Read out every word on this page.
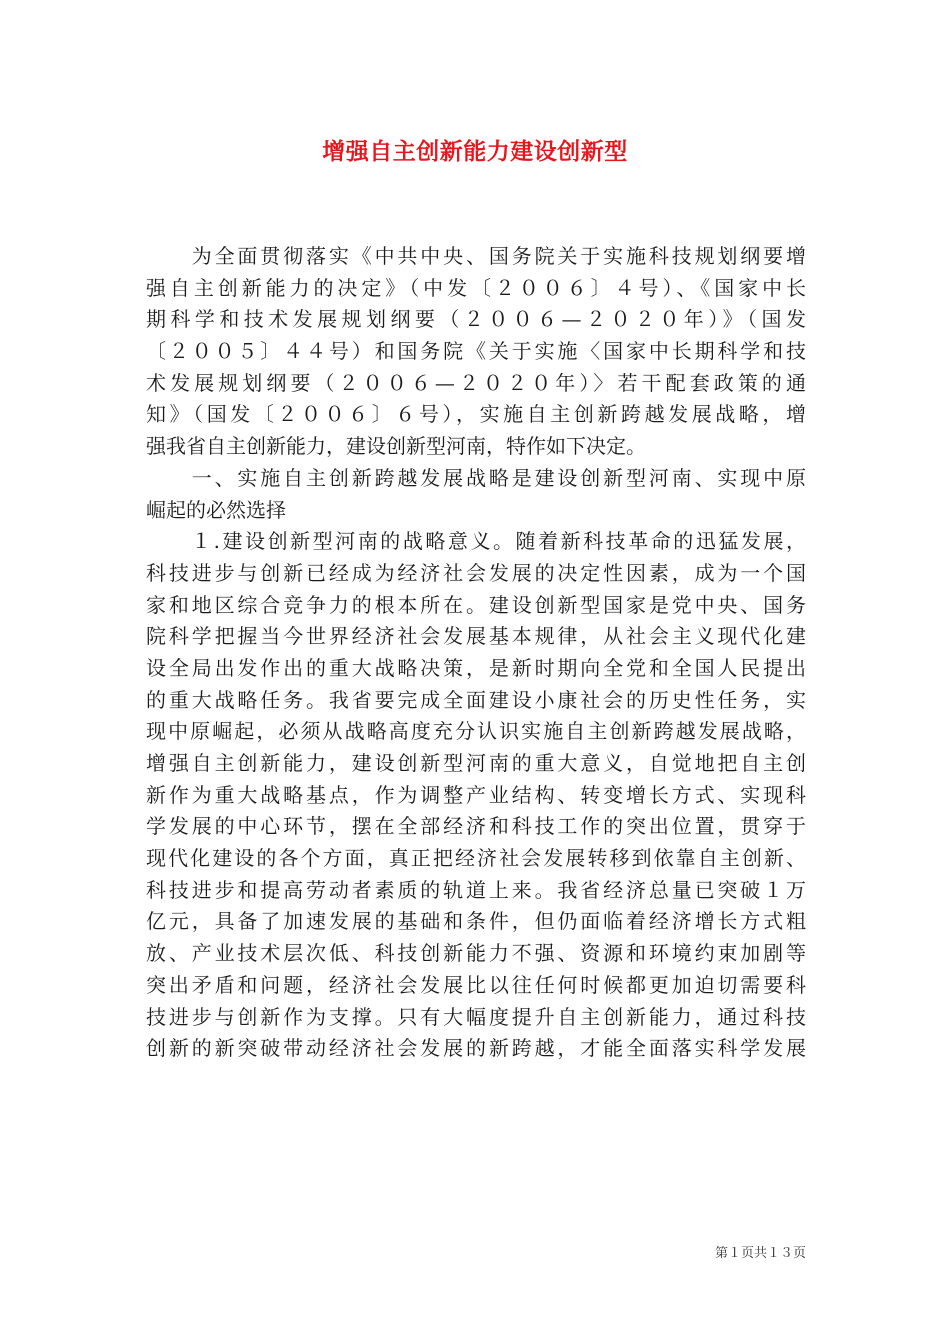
增强自主创新能力建设创新型
　　为全面贯彻落实《中共中央、国务院关于实施科技规划纲要增
强自主创新能力的决定》（中发〔２００６〕４号）、《国家中长
期科学和技术发展规划纲要（２００６—２０２０年）》（国发
〔２００５〕４４号）和国务院《关于实施〈国家中长期科学和技
术发展规划纲要（２００６—２０２０年）〉若干配套政策的通
知》（国发〔２００６〕６号），实施自主创新跨越发展战略，增
强我省自主创新能力，建设创新型河南，特作如下决定。
　　一、实施自主创新跨越发展战略是建设创新型河南、实现中原
崛起的必然选择
　　１.建设创新型河南的战略意义。随着新科技革命的迅猛发展，
科技进步与创新已经成为经济社会发展的决定性因素，成为一个国
家和地区综合竞争力的根本所在。建设创新型国家是党中央、国务
院科学把握当今世界经济社会发展基本规律，从社会主义现代化建
设全局出发作出的重大战略决策，是新时期向全党和全国人民提出
的重大战略任务。我省要完成全面建设小康社会的历史性任务，实
现中原崛起，必须从战略高度充分认识实施自主创新跨越发展战略，
增强自主创新能力，建设创新型河南的重大意义，自觉地把自主创
新作为重大战略基点，作为调整产业结构、转变增长方式、实现科
学发展的中心环节，摆在全部经济和科技工作的突出位置，贯穿于
现代化建设的各个方面，真正把经济社会发展转移到依靠自主创新、
科技进步和提高劳动者素质的轨道上来。我省经济总量已突破１万
亿元，具备了加速发展的基础和条件，但仍面临着经济增长方式粗
放、产业技术层次低、科技创新能力不强、资源和环境约束加剧等
突出矛盾和问题，经济社会发展比以往任何时候都更加迫切需要科
技进步与创新作为支撑。只有大幅度提升自主创新能力，通过科技
创新的新突破带动经济社会发展的新跨越，才能全面落实科学发展
第１页共１３页
